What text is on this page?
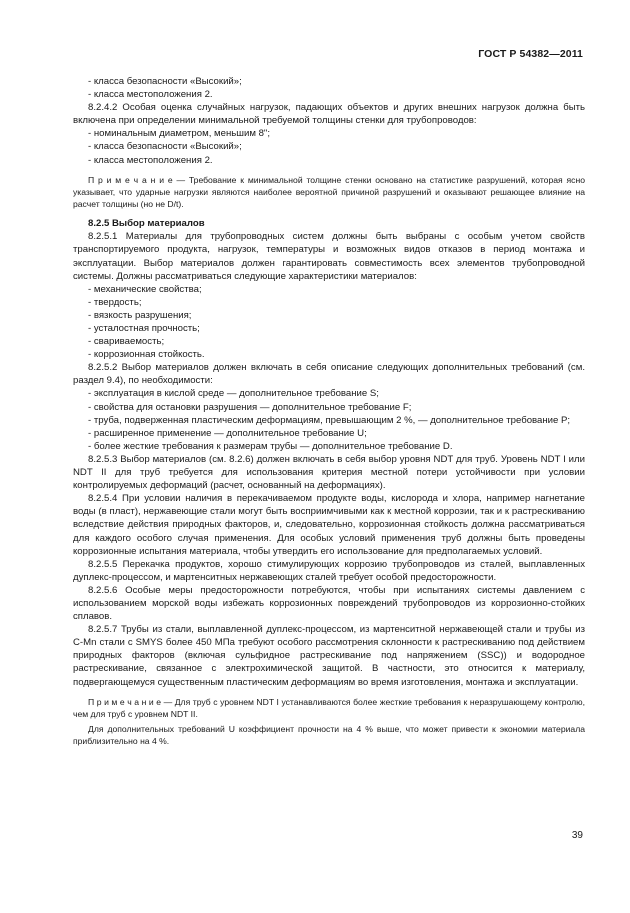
ГОСТ Р 54382—2011

- класса безопасности «Высокий»;

- класса местоположения 2.

8.2.4.2 Особая оценка случайных нагрузок, падающих объектов и других внешних нагрузок должна быть включена при определении минимальной требуемой толщины стенки для трубопроводов:

- номинальным диаметром, меньшим 8";

- класса безопасности «Высокий»;

- класса местоположения 2.

П р и м е ч а н и е — Требование к минимальной толщине стенки основано на статистике разрушений, которая ясно указывает, что ударные нагрузки являются наиболее вероятной причиной разрушений и оказывают решающее влияние на расчет толщины (но не D/t).

8.2.5 Выбор материалов

8.2.5.1 Материалы для трубопроводных систем должны быть выбраны с особым учетом свойств транспортируемого продукта, нагрузок, температуры и возможных видов отказов в период монтажа и эксплуатации. Выбор материалов должен гарантировать совместимость всех элементов трубопроводной системы. Должны рассматриваться следующие характеристики материалов:

- механические свойства;

- твердость;

- вязкость разрушения;

- усталостная прочность;

- свариваемость;

- коррозионная стойкость.

8.2.5.2 Выбор материалов должен включать в себя описание следующих дополнительных требований (см. раздел 9.4), по необходимости:

- эксплуатация в кислой среде — дополнительное требование S;

- свойства для остановки разрушения — дополнительное требование F;

- труба, подверженная пластическим деформациям, превышающим 2 %, — дополнительное требование P;

- расширенное применение — дополнительное требование U;

- более жесткие требования к размерам трубы — дополнительное требование D.

8.2.5.3 Выбор материалов (см. 8.2.6) должен включать в себя выбор уровня NDT для труб. Уровень NDT I или NDT II для труб требуется для использования критерия местной потери устойчивости при условии контролируемых деформаций (расчет, основанный на деформациях).

8.2.5.4 При условии наличия в перекачиваемом продукте воды, кислорода и хлора, например нагнетание воды (в пласт), нержавеющие стали могут быть восприимчивыми как к местной коррозии, так и к растрескиванию вследствие действия природных факторов, и, следовательно, коррозионная стойкость должна рассматриваться для каждого особого случая применения. Для особых условий применения труб должны быть проведены коррозионные испытания материала, чтобы утвердить его использование для предполагаемых условий.

8.2.5.5 Перекачка продуктов, хорошо стимулирующих коррозию трубопроводов из сталей, выплавленных дуплекс-процессом, и мартенситных нержавеющих сталей требует особой предосторожности.

8.2.5.6 Особые меры предосторожности потребуются, чтобы при испытаниях системы давлением с использованием морской воды избежать коррозионных повреждений трубопроводов из коррозионно-стойких сплавов.

8.2.5.7 Трубы из стали, выплавленной дуплекс-процессом, из мартенситной нержавеющей стали и трубы из C-Mn стали с SMYS более 450 МПа требуют особого рассмотрения склонности к растрескиванию под действием природных факторов (включая сульфидное растрескивание под напряжением (SSC)) и водородное растрескивание, связанное с электрохимической защитой. В частности, это относится к материалу, подвергающемуся существенным пластическим деформациям во время изготовления, монтажа и эксплуатации.

П р и м е ч а н и е — Для труб с уровнем NDT I устанавливаются более жесткие требования к неразрушающему контролю, чем для труб с уровнем NDT II.

Для дополнительных требований U коэффициент прочности на 4 % выше, что может привести к экономии материала приблизительно на 4 %.

39
